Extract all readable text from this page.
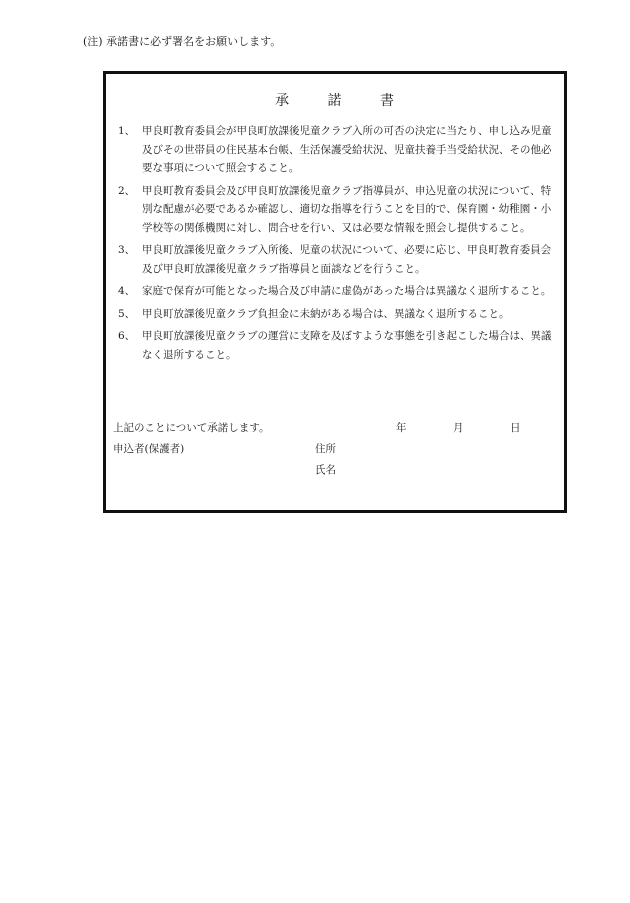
(注) 承諾書に必ず署名をお願いします。
承	諾	書
1、 甲良町教育委員会が甲良町放課後児童クラブ入所の可否の決定に当たり、申し込み児童及びその世帯員の住民基本台帳、生活保護受給状況、児童扶養手当受給状況、その他必要な事項について照会すること。
2、 甲良町教育委員会及び甲良町放課後児童クラブ指導員が、申込児童の状況について、特別な配慮が必要であるか確認し、適切な指導を行うことを目的で、保育園・幼稚園・小学校等の関係機関に対し、問合せを行い、又は必要な情報を照会し提供すること。
3、 甲良町放課後児童クラブ入所後、児童の状況について、必要に応じ、甲良町教育委員会及び甲良町放課後児童クラブ指導員と面談などを行うこと。
4、 家庭で保育が可能となった場合及び申請に虚偽があった場合は異議なく退所すること。
5、 甲良町放課後児童クラブ負担金に未納がある場合は、異議なく退所すること。
6、 甲良町放課後児童クラブの運営に支障を及ぼすような事態を引き起こした場合は、異議なく退所すること。
上記のことについて承諾します。	年	月	日
申込者(保護者)	住所
氏名
